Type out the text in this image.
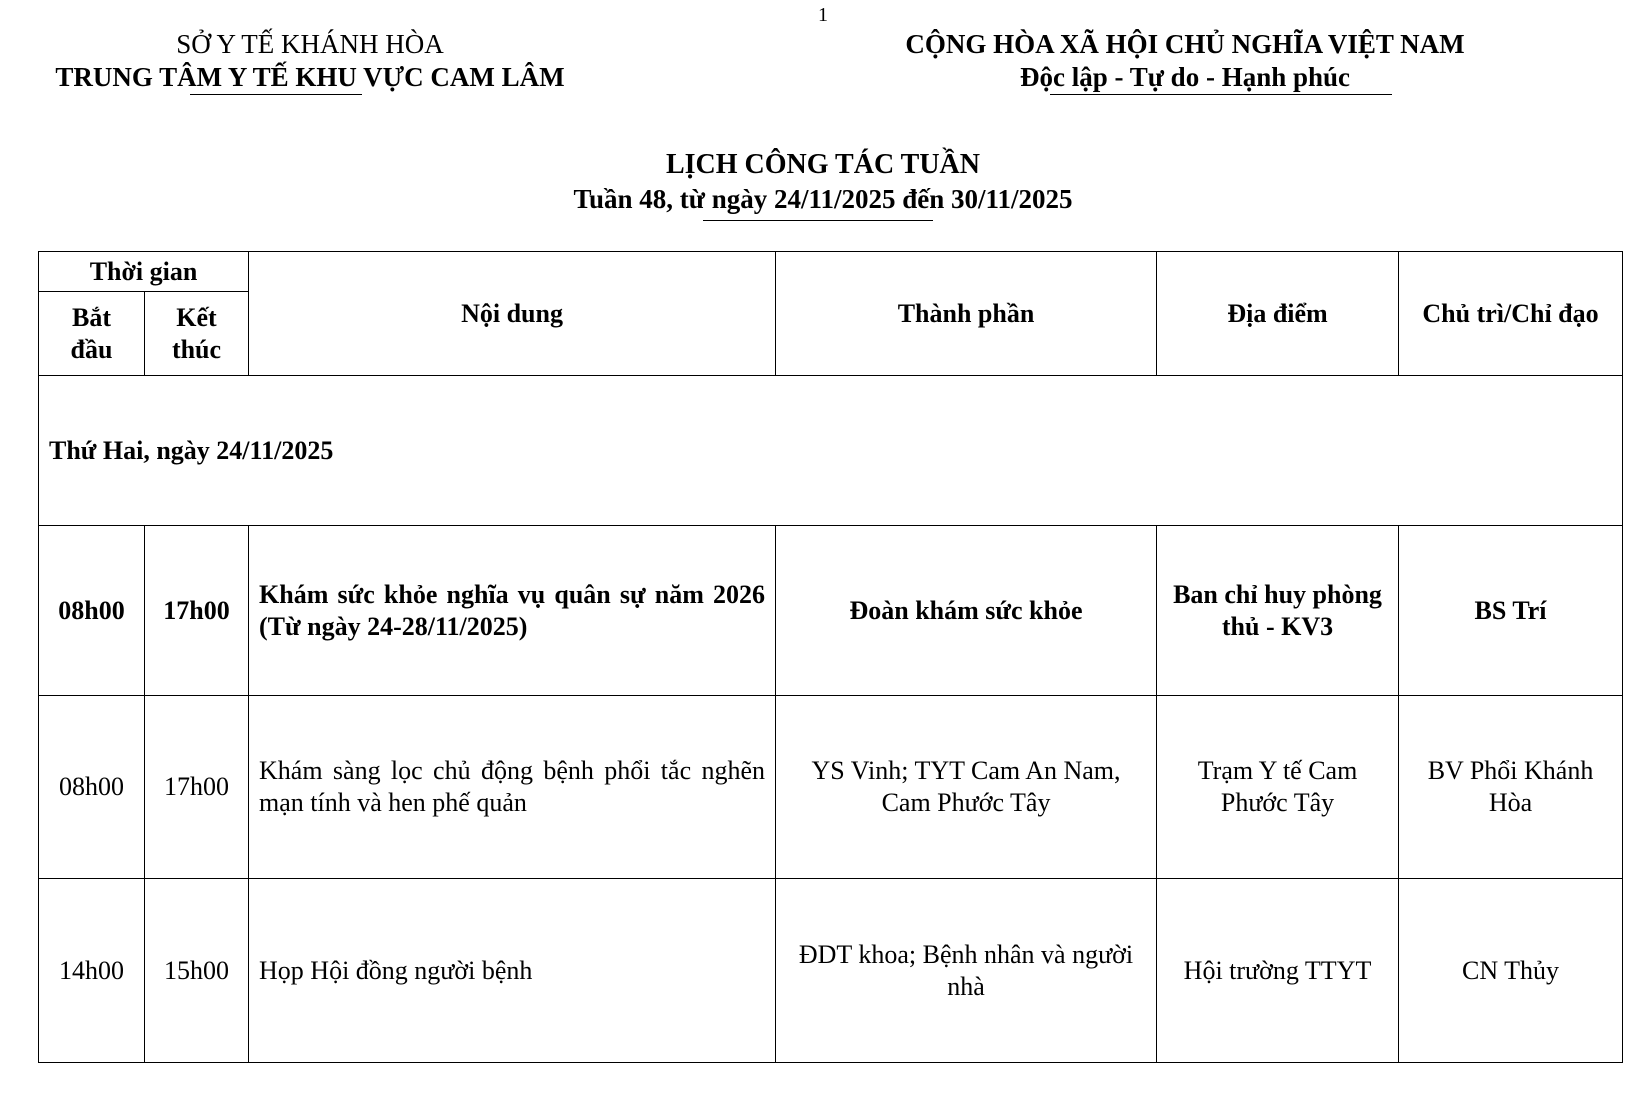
1
SỞ Y TẾ KHÁNH HÒA
TRUNG TÂM Y TẾ KHU VỰC CAM LÂM
CỘNG HÒA XÃ HỘI CHỦ NGHĨA VIỆT NAM
Độc lập - Tự do - Hạnh phúc
LỊCH CÔNG TÁC TUẦN
Tuần 48, từ ngày 24/11/2025 đến 30/11/2025
Thời gian		Nội dung	Thành phần	Địa điểm	Chủ trì/Chỉ đạo
Bắt đầu	Kết thúc				
Thứ Hai, ngày 24/11/2025					
08h00	17h00	Khám sức khỏe nghĩa vụ quân sự năm 2026 (Từ ngày 24-28/11/2025)	Đoàn khám sức khỏe	Ban chỉ huy phòng thủ - KV3	BS Trí
08h00	17h00	Khám sàng lọc chủ động bệnh phổi tắc nghẽn mạn tính và hen phế quản	YS Vinh; TYT Cam An Nam, Cam Phước Tây	Trạm Y tế Cam Phước Tây	BV Phổi Khánh Hòa
14h00	15h00	Họp Hội đồng người bệnh	ĐDT khoa; Bệnh nhân và người nhà	Hội trường TTYT	CN Thủy
